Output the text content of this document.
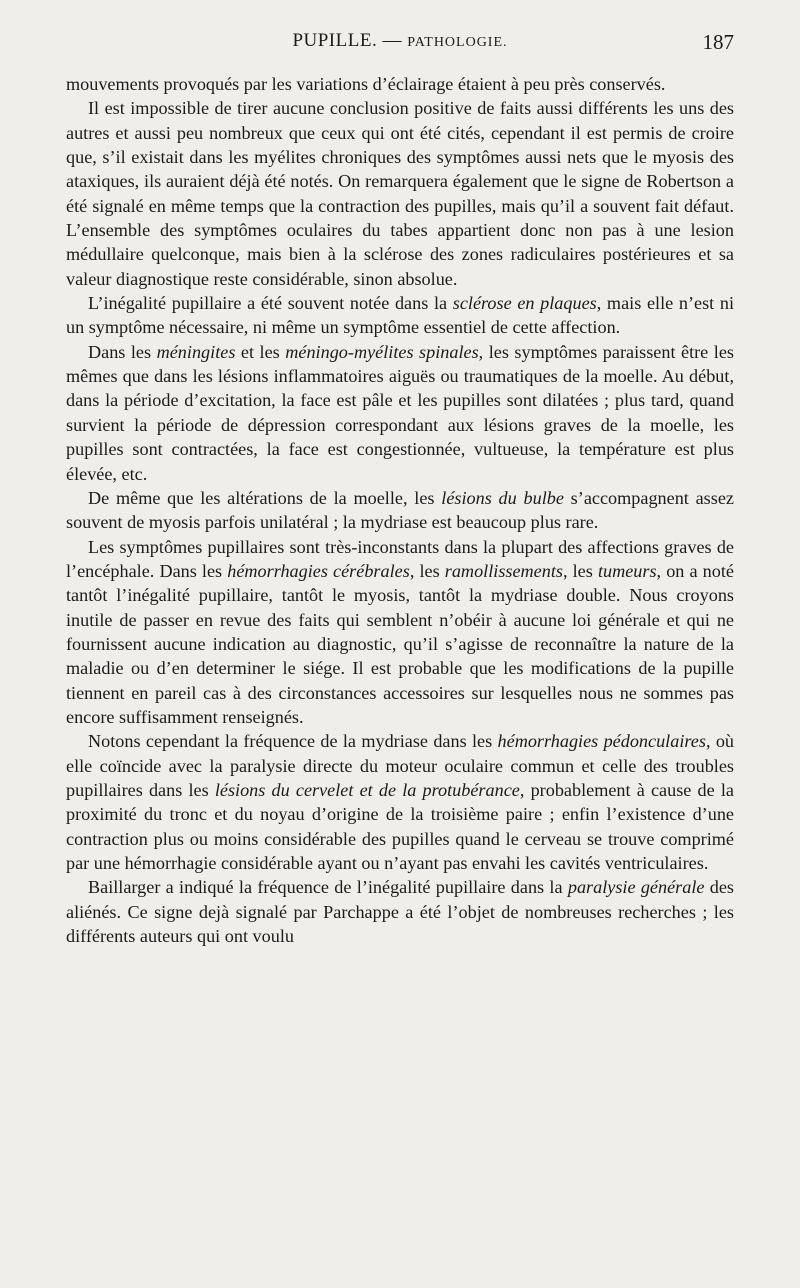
PUPILLE. — PATHOLOGIE.	187

mouvements provoqués par les variations d’éclairage étaient à peu près conservés.

Il est impossible de tirer aucune conclusion positive de faits aussi différents les uns des autres et aussi peu nombreux que ceux qui ont été cités, cependant il est permis de croire que, s’il existait dans les myélites chroniques des symptômes aussi nets que le myosis des ataxiques, ils auraient déjà été notés. On remarquera également que le signe de Robertson a été signalé en même temps que la contraction des pupilles, mais qu’il a souvent fait défaut. L’ensemble des symptômes oculaires du tabes appartient donc non pas à une lesion médullaire quelconque, mais bien à la sclérose des zones radiculaires postérieures et sa valeur diagnostique reste considérable, sinon absolue.

L’inégalité pupillaire a été souvent notée dans la sclérose en plaques, mais elle n’est ni un symptôme nécessaire, ni même un symptôme essentiel de cette affection.

Dans les méningites et les méningo-myélites spinales, les symptômes paraissent être les mêmes que dans les lésions inflammatoires aiguës ou traumatiques de la moelle. Au début, dans la période d’excitation, la face est pâle et les pupilles sont dilatées ; plus tard, quand survient la période de dépression correspondant aux lésions graves de la moelle, les pupilles sont contractées, la face est congestionnée, vultueuse, la température est plus élevée, etc.

De même que les altérations de la moelle, les lésions du bulbe s’accompagnent assez souvent de myosis parfois unilatéral ; la mydriase est beaucoup plus rare.

Les symptômes pupillaires sont très-inconstants dans la plupart des affections graves de l’encéphale. Dans les hémorrhagies cérébrales, les ramollissements, les tumeurs, on a noté tantôt l’inégalité pupillaire, tantôt le myosis, tantôt la mydriase double. Nous croyons inutile de passer en revue des faits qui semblent n’obéir à aucune loi générale et qui ne fournissent aucune indication au diagnostic, qu’il s’agisse de reconnaître la nature de la maladie ou d’en determiner le siége. Il est probable que les modifications de la pupille tiennent en pareil cas à des circonstances accessoires sur lesquelles nous ne sommes pas encore suffisamment renseignés.

Notons cependant la fréquence de la mydriase dans les hémorrhagies pédonculaires, où elle coïncide avec la paralysie directe du moteur oculaire commun et celle des troubles pupillaires dans les lésions du cervelet et de la protubérance, probablement à cause de la proximité du tronc et du noyau d’origine de la troisième paire ; enfin l’existence d’une contraction plus ou moins considérable des pupilles quand le cerveau se trouve comprimé par une hémorrhagie considérable ayant ou n’ayant pas envahi les cavités ventriculaires.

Baillarger a indiqué la fréquence de l’inégalité pupillaire dans la paralysie générale des aliénés. Ce signe dejà signalé par Parchappe a été l’objet de nombreuses recherches ; les différents auteurs qui ont voulu
